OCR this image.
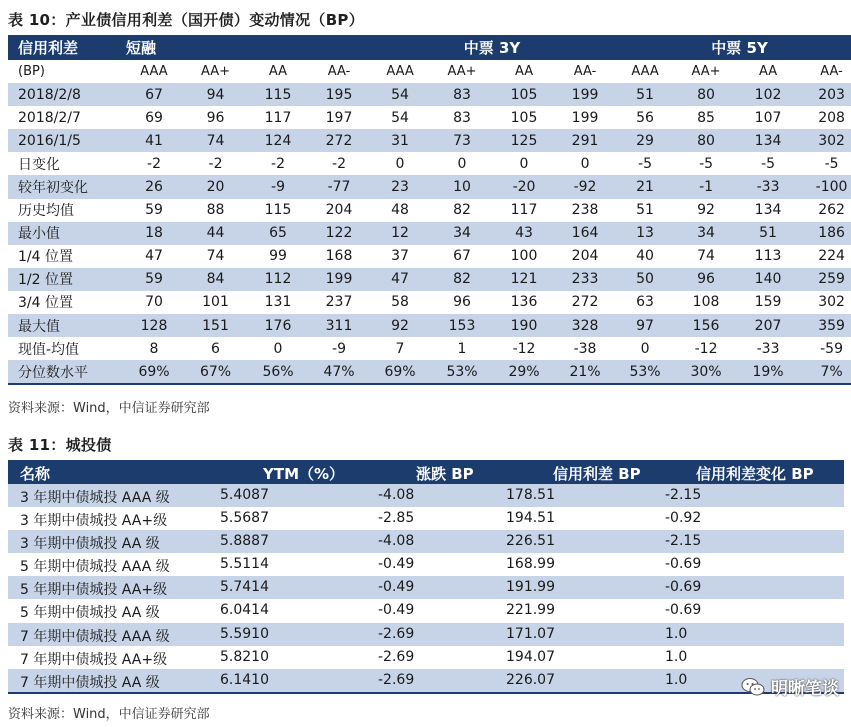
表 10：产业债信用利差（国开债）变动情况（BP）
信用利差	短融				中票 3Y				中票 5Y			
(BP)	AAA	AA+	AA	AA-	AAA	AA+	AA	AA-	AAA	AA+	AA	AA-
2018/2/8	67	94	115	195	54	83	105	199	51	80	102	203
2018/2/7	69	96	117	197	54	83	105	199	56	85	107	208
2016/1/5	41	74	124	272	31	73	125	291	29	80	134	302
日变化	-2	-2	-2	-2	0	0	0	0	-5	-5	-5	-5
较年初变化	26	20	-9	-77	23	10	-20	-92	21	-1	-33	-100
历史均值	59	88	115	204	48	82	117	238	51	92	134	262
最小值	18	44	65	122	12	34	43	164	13	34	51	186
1/4 位置	47	74	99	168	37	67	100	204	40	74	113	224
1/2 位置	59	84	112	199	47	82	121	233	50	96	140	259
3/4 位置	70	101	131	237	58	96	136	272	63	108	159	302
最大值	128	151	176	311	92	153	190	328	97	156	207	359
现值-均值	8	6	0	-9	7	1	-12	-38	0	-12	-33	-59
分位数水平	69%	67%	56%	47%	69%	53%	29%	21%	53%	30%	19%	7%
资料来源：Wind，中信证券研究部
表 11：城投债
名称	YTM（%）	涨跌 BP	信用利差 BP	信用利差变化 BP

3 年期中债城投 AAA 级	5.4087	-4.08	178.51	-2.15

3 年期中债城投 AA+级	5.5687	-2.85	194.51	-0.92

3 年期中债城投 AA 级	5.8887	-4.08	226.51	-2.15

5 年期中债城投 AAA 级	5.5114	-0.49	168.99	-0.69

5 年期中债城投 AA+级	5.7414	-0.49	191.99	-0.69

5 年期中债城投 AA 级	6.0414	-0.49	221.99	-0.69

7 年期中债城投 AAA 级	5.5910	-2.69	171.07	1.0

7 年期中债城投 AA+级	5.8210	-2.69	194.07	1.0

7 年期中债城投 AA 级	6.1410	-2.69	226.07	1.0
资料来源：Wind，中信证券研究部
明晰笔谈
